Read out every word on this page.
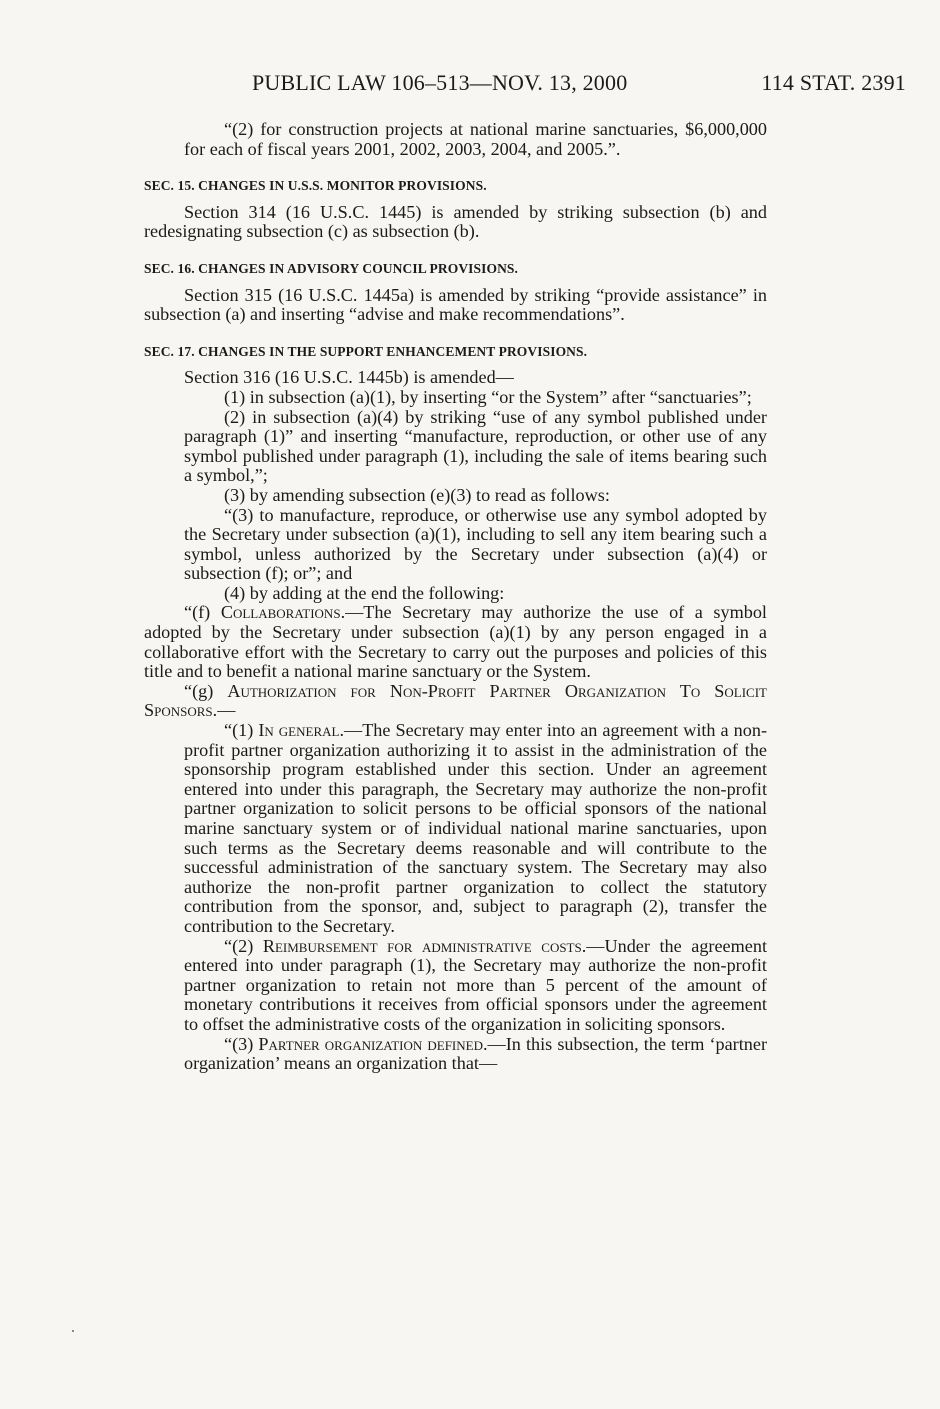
PUBLIC LAW 106–513—NOV. 13, 2000	114 STAT. 2391

“(2) for construction projects at national marine sanctuaries, $6,000,000 for each of fiscal years 2001, 2002, 2003, 2004, and 2005.”.

SEC. 15. CHANGES IN U.S.S. MONITOR PROVISIONS.

Section 314 (16 U.S.C. 1445) is amended by striking subsection (b) and redesignating subsection (c) as subsection (b).

SEC. 16. CHANGES IN ADVISORY COUNCIL PROVISIONS.

Section 315 (16 U.S.C. 1445a) is amended by striking “provide assistance” in subsection (a) and inserting “advise and make recommendations”.

SEC. 17. CHANGES IN THE SUPPORT ENHANCEMENT PROVISIONS.

Section 316 (16 U.S.C. 1445b) is amended—

(1) in subsection (a)(1), by inserting “or the System” after “sanctuaries”;

(2) in subsection (a)(4) by striking “use of any symbol published under paragraph (1)” and inserting “manufacture, reproduction, or other use of any symbol published under paragraph (1), including the sale of items bearing such a symbol,”;

(3) by amending subsection (e)(3) to read as follows:

“(3) to manufacture, reproduce, or otherwise use any symbol adopted by the Secretary under subsection (a)(1), including to sell any item bearing such a symbol, unless authorized by the Secretary under subsection (a)(4) or subsection (f); or”; and

(4) by adding at the end the following:

“(f) Collaborations.—The Secretary may authorize the use of a symbol adopted by the Secretary under subsection (a)(1) by any person engaged in a collaborative effort with the Secretary to carry out the purposes and policies of this title and to benefit a national marine sanctuary or the System.

“(g) Authorization for Non-Profit Partner Organization To Solicit Sponsors.—

“(1) In general.—The Secretary may enter into an agreement with a non-profit partner organization authorizing it to assist in the administration of the sponsorship program established under this section. Under an agreement entered into under this paragraph, the Secretary may authorize the non-profit partner organization to solicit persons to be official sponsors of the national marine sanctuary system or of individual national marine sanctuaries, upon such terms as the Secretary deems reasonable and will contribute to the successful administration of the sanctuary system. The Secretary may also authorize the non-profit partner organization to collect the statutory contribution from the sponsor, and, subject to paragraph (2), transfer the contribution to the Secretary.

“(2) Reimbursement for administrative costs.—Under the agreement entered into under paragraph (1), the Secretary may authorize the non-profit partner organization to retain not more than 5 percent of the amount of monetary contributions it receives from official sponsors under the agreement to offset the administrative costs of the organization in soliciting sponsors.

“(3) Partner organization defined.—In this subsection, the term ‘partner organization’ means an organization that—
